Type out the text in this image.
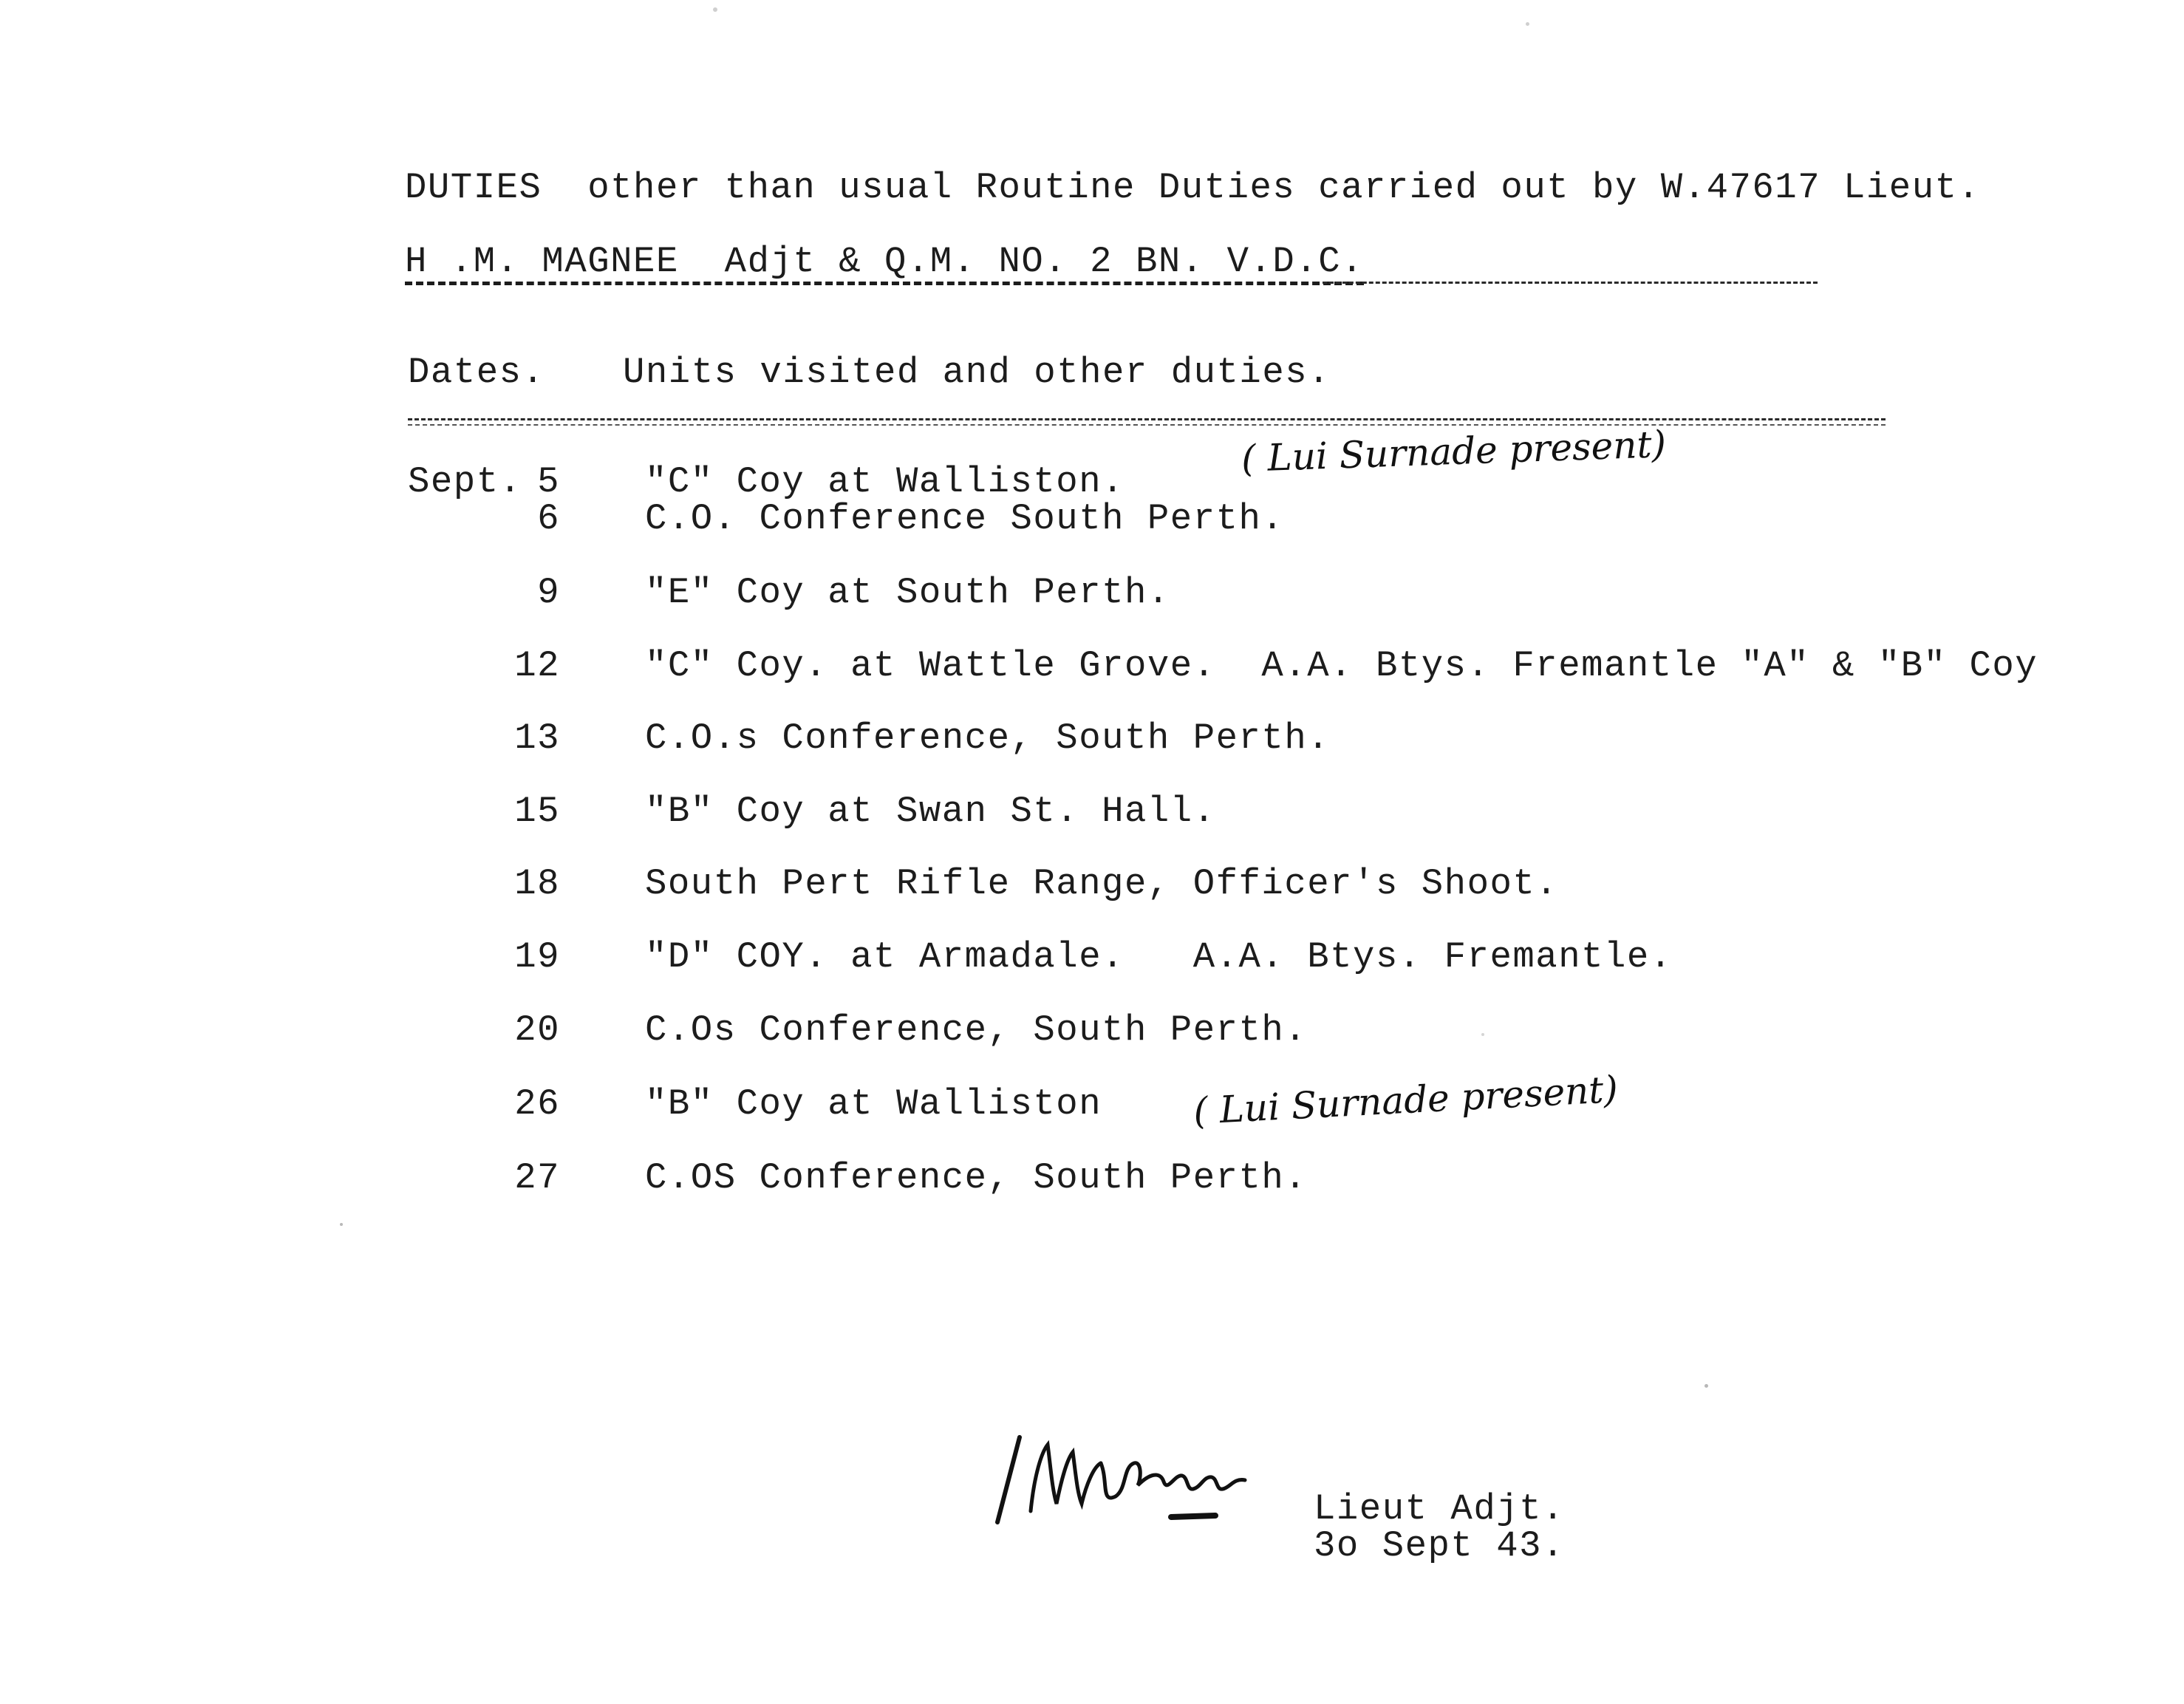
DUTIES  other than usual Routine Duties carried out by W.47617 Lieut.
H .M. MAGNEE  Adjt & Q.M. NO. 2 BN. V.D.C.
Dates. Units visited and other duties.
Sept. 5 "C" Coy at Walliston.
6 C.O. Conference South Perth.
9 "E" Coy at South Perth.
12 "C" Coy. at Wattle Grove.  A.A. Btys. Fremantle "A" & "B" Coy
13 C.O.s Conference, South Perth.
15 "B" Coy at Swan St. Hall.
18 South Pert Rifle Range, Officer's Shoot.
19 "D" COY. at Armadale.   A.A. Btys. Fremantle.
20 C.Os Conference, South Perth.
26 "B" Coy at Walliston
27 C.OS Conference, South Perth.
( Lui Surnade present)
( Lui Surnade present)
Lieut Adjt.
3o Sept 43.
